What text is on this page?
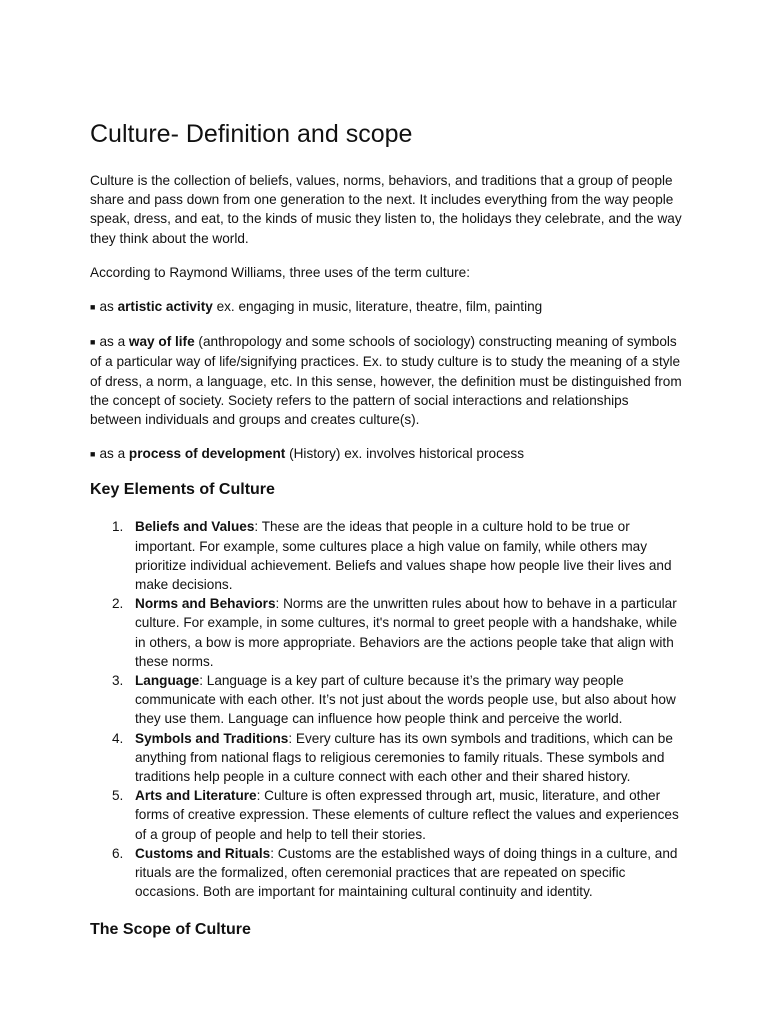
Culture- Definition and scope

Culture is the collection of beliefs, values, norms, behaviors, and traditions that a group of people share and pass down from one generation to the next. It includes everything from the way people speak, dress, and eat, to the kinds of music they listen to, the holidays they celebrate, and the way they think about the world.

According to Raymond Williams, three uses of the term culture:

■ as artistic activity ex. engaging in music, literature, theatre, film, painting

■ as a way of life (anthropology and some schools of sociology) constructing meaning of symbols of a particular way of life/signifying practices. Ex. to study culture is to study the meaning of a style of dress, a norm, a language, etc. In this sense, however, the definition must be distinguished from the concept of society. Society refers to the pattern of social interactions and relationships between individuals and groups and creates culture(s).

■ as a process of development (History) ex. involves historical process

Key Elements of Culture
1. Beliefs and Values: These are the ideas that people in a culture hold to be true or important. For example, some cultures place a high value on family, while others may prioritize individual achievement. Beliefs and values shape how people live their lives and make decisions.
2. Norms and Behaviors: Norms are the unwritten rules about how to behave in a particular culture. For example, in some cultures, it's normal to greet people with a handshake, while in others, a bow is more appropriate. Behaviors are the actions people take that align with these norms.
3. Language: Language is a key part of culture because it’s the primary way people communicate with each other. It’s not just about the words people use, but also about how they use them. Language can influence how people think and perceive the world.
4. Symbols and Traditions: Every culture has its own symbols and traditions, which can be anything from national flags to religious ceremonies to family rituals. These symbols and traditions help people in a culture connect with each other and their shared history.
5. Arts and Literature: Culture is often expressed through art, music, literature, and other forms of creative expression. These elements of culture reflect the values and experiences of a group of people and help to tell their stories.
6. Customs and Rituals: Customs are the established ways of doing things in a culture, and rituals are the formalized, often ceremonial practices that are repeated on specific occasions. Both are important for maintaining cultural continuity and identity.
The Scope of Culture
